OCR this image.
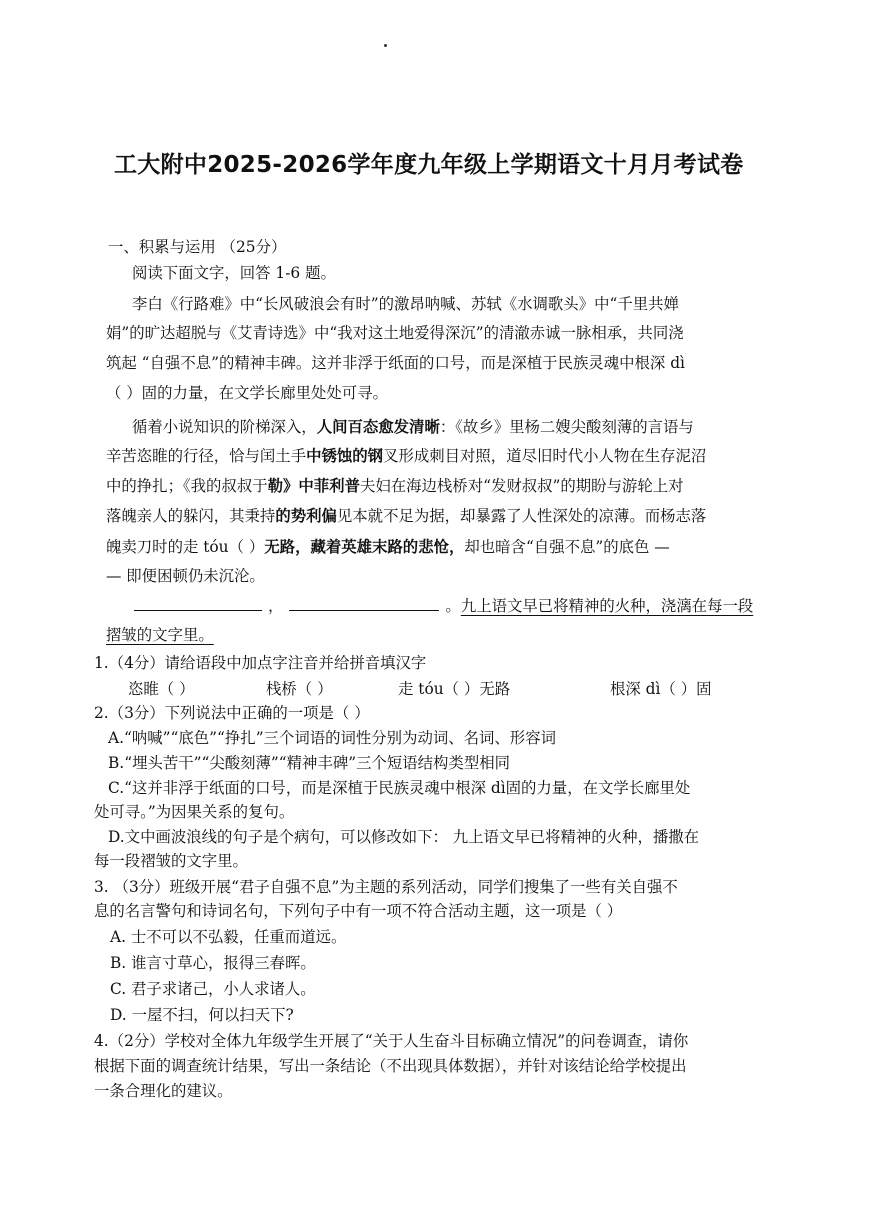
工大附中2025-2026学年度九年级上学期语文十月月考试卷
一、积累与运用 （25分）
阅读下面文字，回答 1-6 题。
李白《行路难》中“长风破浪会有时”的激昂呐喊、苏轼《水调歌头》中“千里共婵
娟”的旷达超脱与《艾青诗选》中“我对这土地爱得深沉”的清澈赤诚一脉相承，共同浇
筑起 “自强不息”的精神丰碑。这并非浮于纸面的口号，而是深植于民族灵魂中根深 dì
（ ）固的力量，在文学长廊里处处可寻。
循着小说知识的阶梯深入，人间百态愈发清晰：《故乡》里杨二嫂尖酸刻薄的言语与
辛苦恣睢的行径，恰与闰土手中锈蚀的钢叉形成刺目对照，道尽旧时代小人物在生存泥沼
中的挣扎；《我的叔叔于勒》中菲利普夫妇在海边栈桥对“发财叔叔”的期盼与游轮上对
落魄亲人的躲闪，其秉持的势利偏见本就不足为据，却暴露了人性深处的凉薄。而杨志落
魄卖刀时的走 tóu（ ）无路，藏着英雄末路的悲怆，却也暗含“自强不息”的底色 —
— 即便困顿仍未沉沦。
，	。九上语文早已将精神的火种，浇漓在每一段
摺皱的文字里。
1.（4分）请给语段中加点字注音并给拼音填汉字
恣睢（ ）	栈桥（ ）	走 tóu（ ）无路	根深 dì（ ）固
2.（3分）下列说法中正确的一项是（ ）
A.“呐喊”“底色”“挣扎”三个词语的词性分别为动词、名词、形容词
B.“埋头苦干”“尖酸刻薄”“精神丰碑”三个短语结构类型相同
C.“这并非浮于纸面的口号，而是深植于民族灵魂中根深 dì固的力量，在文学长廊里处
处可寻。”为因果关系的复句。
D.文中画波浪线的句子是个病句，可以修改如下： 九上语文早已将精神的火种，播撒在
每一段褶皱的文字里。
3. （3分）班级开展“君子自强不息”为主题的系列活动，同学们搜集了一些有关自强不
息的名言警句和诗词名句，下列句子中有一项不符合活动主题，这一项是（ ）
A. 士不可以不弘毅，任重而道远。
B. 谁言寸草心，报得三春晖。
C. 君子求诸己，小人求诸人。
D. 一屋不扫，何以扫天下?
4.（2分）学校对全体九年级学生开展了“关于人生奋斗目标确立情况”的问卷调查，请你
根据下面的调查统计结果，写出一条结论（不出现具体数据），并针对该结论给学校提出
一条合理化的建议。
